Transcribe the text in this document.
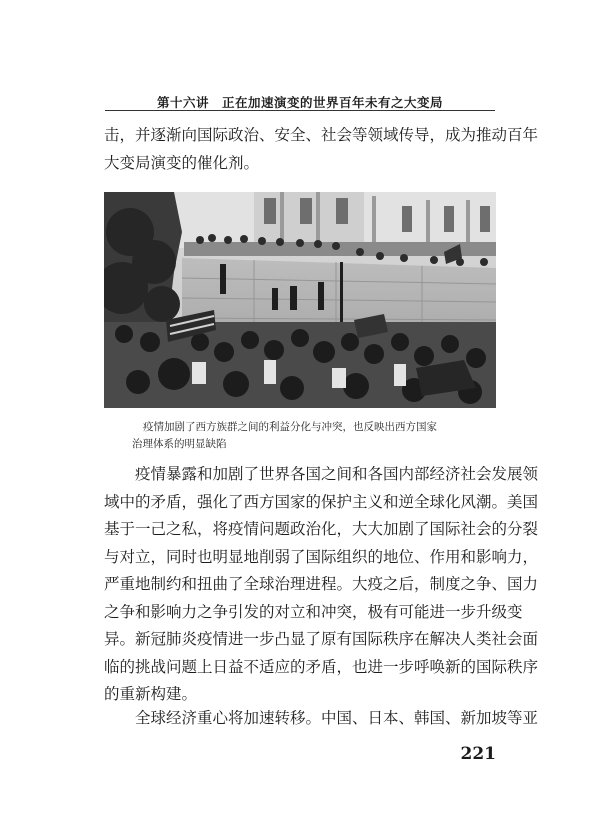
第十六讲　正在加速演变的世界百年未有之大变局

击，并逐渐向国际政治、安全、社会等领域传导，成为推动百年
大变局演变的催化剂。

疫情加剧了西方族群之间的利益分化与冲突，也反映出西方国家
治理体系的明显缺陷

疫情暴露和加剧了世界各国之间和各国内部经济社会发展领
域中的矛盾，强化了西方国家的保护主义和逆全球化风潮。美国
基于一己之私，将疫情问题政治化，大大加剧了国际社会的分裂
与对立，同时也明显地削弱了国际组织的地位、作用和影响力，
严重地制约和扭曲了全球治理进程。大疫之后，制度之争、国力
之争和影响力之争引发的对立和冲突，极有可能进一步升级变
异。新冠肺炎疫情进一步凸显了原有国际秩序在解决人类社会面
临的挑战问题上日益不适应的矛盾，也进一步呼唤新的国际秩序
的重新构建。

全球经济重心将加速转移。中国、日本、韩国、新加坡等亚

221
